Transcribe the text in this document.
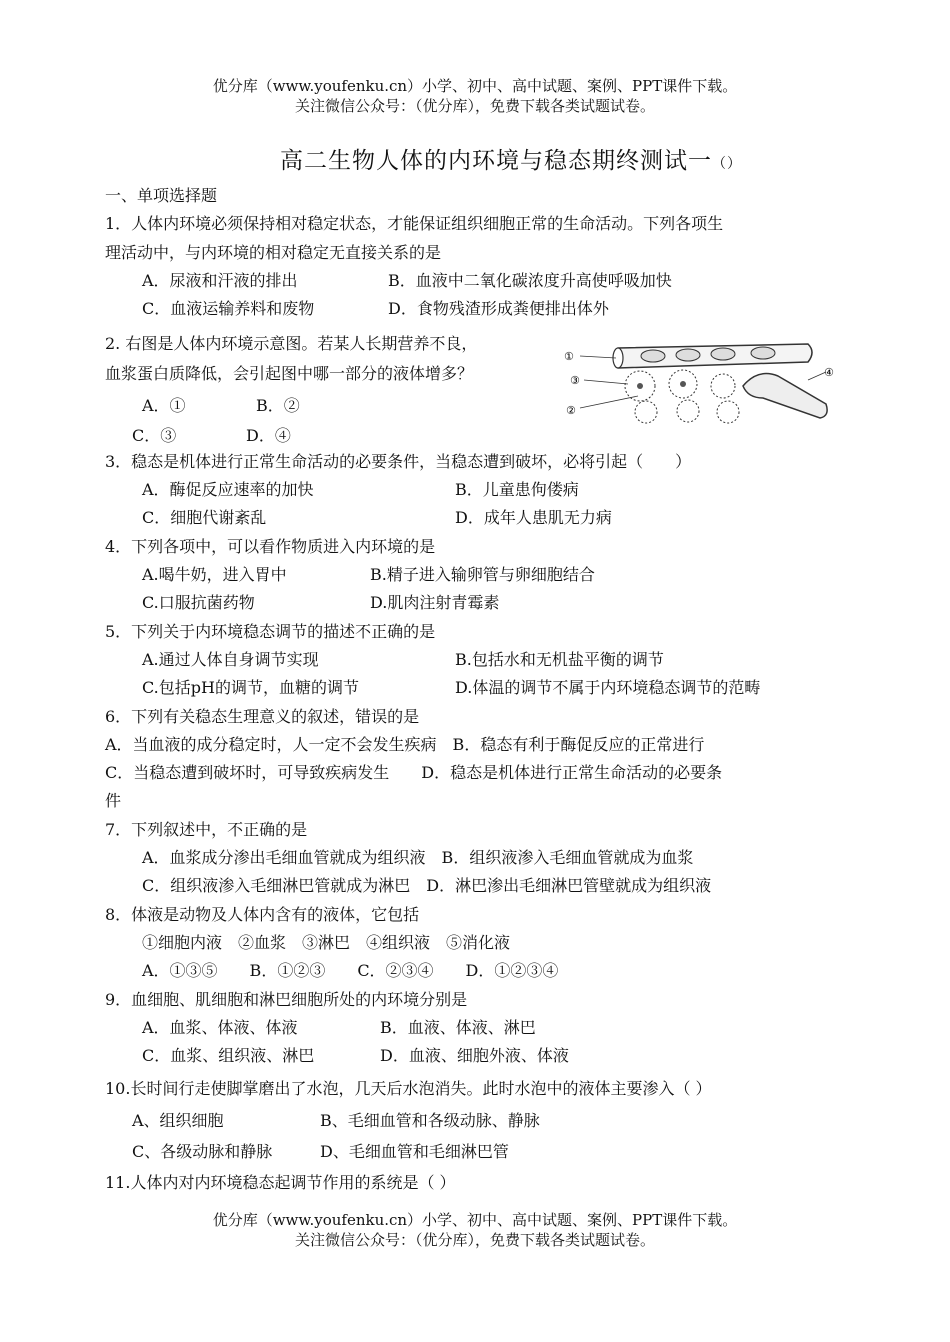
优分库（www.youfenku.cn）小学、初中、高中试题、案例、PPT课件下载。
关注微信公众号：（优分库），免费下载各类试题试卷。
高二生物人体的内环境与稳态期终测试一（）
一、单项选择题
1．人体内环境必须保持相对稳定状态，才能保证组织细胞正常的生命活动。下列各项生
理活动中，与内环境的相对稳定无直接关系的是
A．尿液和汗液的排出	B．血液中二氧化碳浓度升高使呼吸加快
C．血液运输养料和废物	D．食物残渣形成粪便排出体外
2. 右图是人体内环境示意图。若某人长期营养不良，
血浆蛋白质降低，会引起图中哪一部分的液体增多？
A．①	B．②
C．③	D．④
①
③
②
④
3．稳态是机体进行正常生命活动的必要条件，当稳态遭到破坏，必将引起（　　）
A．酶促反应速率的加快	B．儿童患佝偻病
C．细胞代谢紊乱	D．成年人患肌无力病
4．下列各项中，可以看作物质进入内环境的是
A.喝牛奶，进入胃中	B.精子进入输卵管与卵细胞结合
C.口服抗菌药物	D.肌肉注射青霉素
5．下列关于内环境稳态调节的描述不正确的是
A.通过人体自身调节实现	B.包括水和无机盐平衡的调节
C.包括pH的调节，血糖的调节	D.体温的调节不属于内环境稳态调节的范畴
6．下列有关稳态生理意义的叙述，错误的是
A．当血液的成分稳定时，人一定不会发生疾病　B．稳态有利于酶促反应的正常进行
C．当稳态遭到破坏时，可导致疾病发生　　D．稳态是机体进行正常生命活动的必要条
件
7．下列叙述中，不正确的是
A．血浆成分渗出毛细血管就成为组织液　B．组织液渗入毛细血管就成为血浆
C．组织液渗入毛细淋巴管就成为淋巴　D．淋巴渗出毛细淋巴管壁就成为组织液
8．体液是动物及人体内含有的液体，它包括
①细胞内液　②血浆　③淋巴　④组织液　⑤消化液
A．①③⑤　　B．①②③　　C．②③④　　D．①②③④
9．血细胞、肌细胞和淋巴细胞所处的内环境分别是
A．血浆、体液、体液	B．血液、体液、淋巴
C．血浆、组织液、淋巴	D．血液、细胞外液、体液
10.长时间行走使脚掌磨出了水泡，几天后水泡消失。此时水泡中的液体主要渗入（ ）
A、组织细胞	B、毛细血管和各级动脉、静脉
C、各级动脉和静脉	D、毛细血管和毛细淋巴管
11.人体内对内环境稳态起调节作用的系统是（ ）
优分库（www.youfenku.cn）小学、初中、高中试题、案例、PPT课件下载。
关注微信公众号：（优分库），免费下载各类试题试卷。
